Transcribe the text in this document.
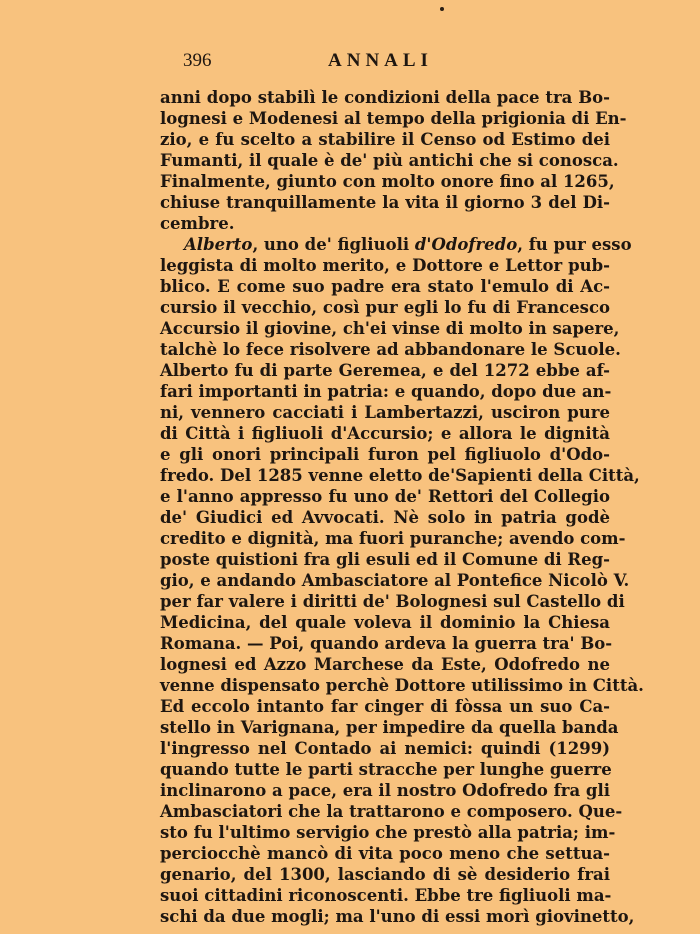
396	ANNALI
anni dopo stabilì le condizioni della pace tra Bo-
lognesi e Modenesi al tempo della prigionia di En-
zio, e fu scelto a stabilire il Censo od Estimo dei
Fumanti, il quale è de' più antichi che si conosca.
Finalmente, giunto con molto onore fino al 1265,
chiuse tranquillamente la vita il giorno 3 del Di-
cembre.
Alberto, uno de' figliuoli d'Odofredo, fu pur esso
leggista di molto merito, e Dottore e Lettor pub-
blico. E come suo padre era stato l'emulo di Ac-
cursio il vecchio, così pur egli lo fu di Francesco
Accursio il giovine, ch'ei vinse di molto in sapere,
talchè lo fece risolvere ad abbandonare le Scuole.
Alberto fu di parte Geremea, e del 1272 ebbe af-
fari importanti in patria: e quando, dopo due an-
ni, vennero cacciati i Lambertazzi, usciron pure
di Città i figliuoli d'Accursio; e allora le dignità
e gli onori principali furon pel figliuolo d'Odo-
fredo. Del 1285 venne eletto de'Sapienti della Città,
e l'anno appresso fu uno de' Rettori del Collegio
de' Giudici ed Avvocati. Nè solo in patria godè
credito e dignità, ma fuori puranche; avendo com-
poste quistioni fra gli esuli ed il Comune di Reg-
gio, e andando Ambasciatore al Pontefice Nicolò V.
per far valere i diritti de' Bolognesi sul Castello di
Medicina, del quale voleva il dominio la Chiesa
Romana. — Poi, quando ardeva la guerra tra' Bo-
lognesi ed Azzo Marchese da Este, Odofredo ne
venne dispensato perchè Dottore utilissimo in Città.
Ed eccolo intanto far cinger di fòssa un suo Ca-
stello in Varignana, per impedire da quella banda
l'ingresso nel Contado ai nemici: quindi (1299)
quando tutte le parti stracche per lunghe guerre
inclinarono a pace, era il nostro Odofredo fra gli
Ambasciatori che la trattarono e composero. Que-
sto fu l'ultimo servigio che prestò alla patria; im-
perciocchè mancò di vita poco meno che settua-
genario, del 1300, lasciando di sè desiderio frai
suoi cittadini riconoscenti. Ebbe tre figliuoli ma-
schi da due mogli; ma l'uno di essi morì giovinetto,
